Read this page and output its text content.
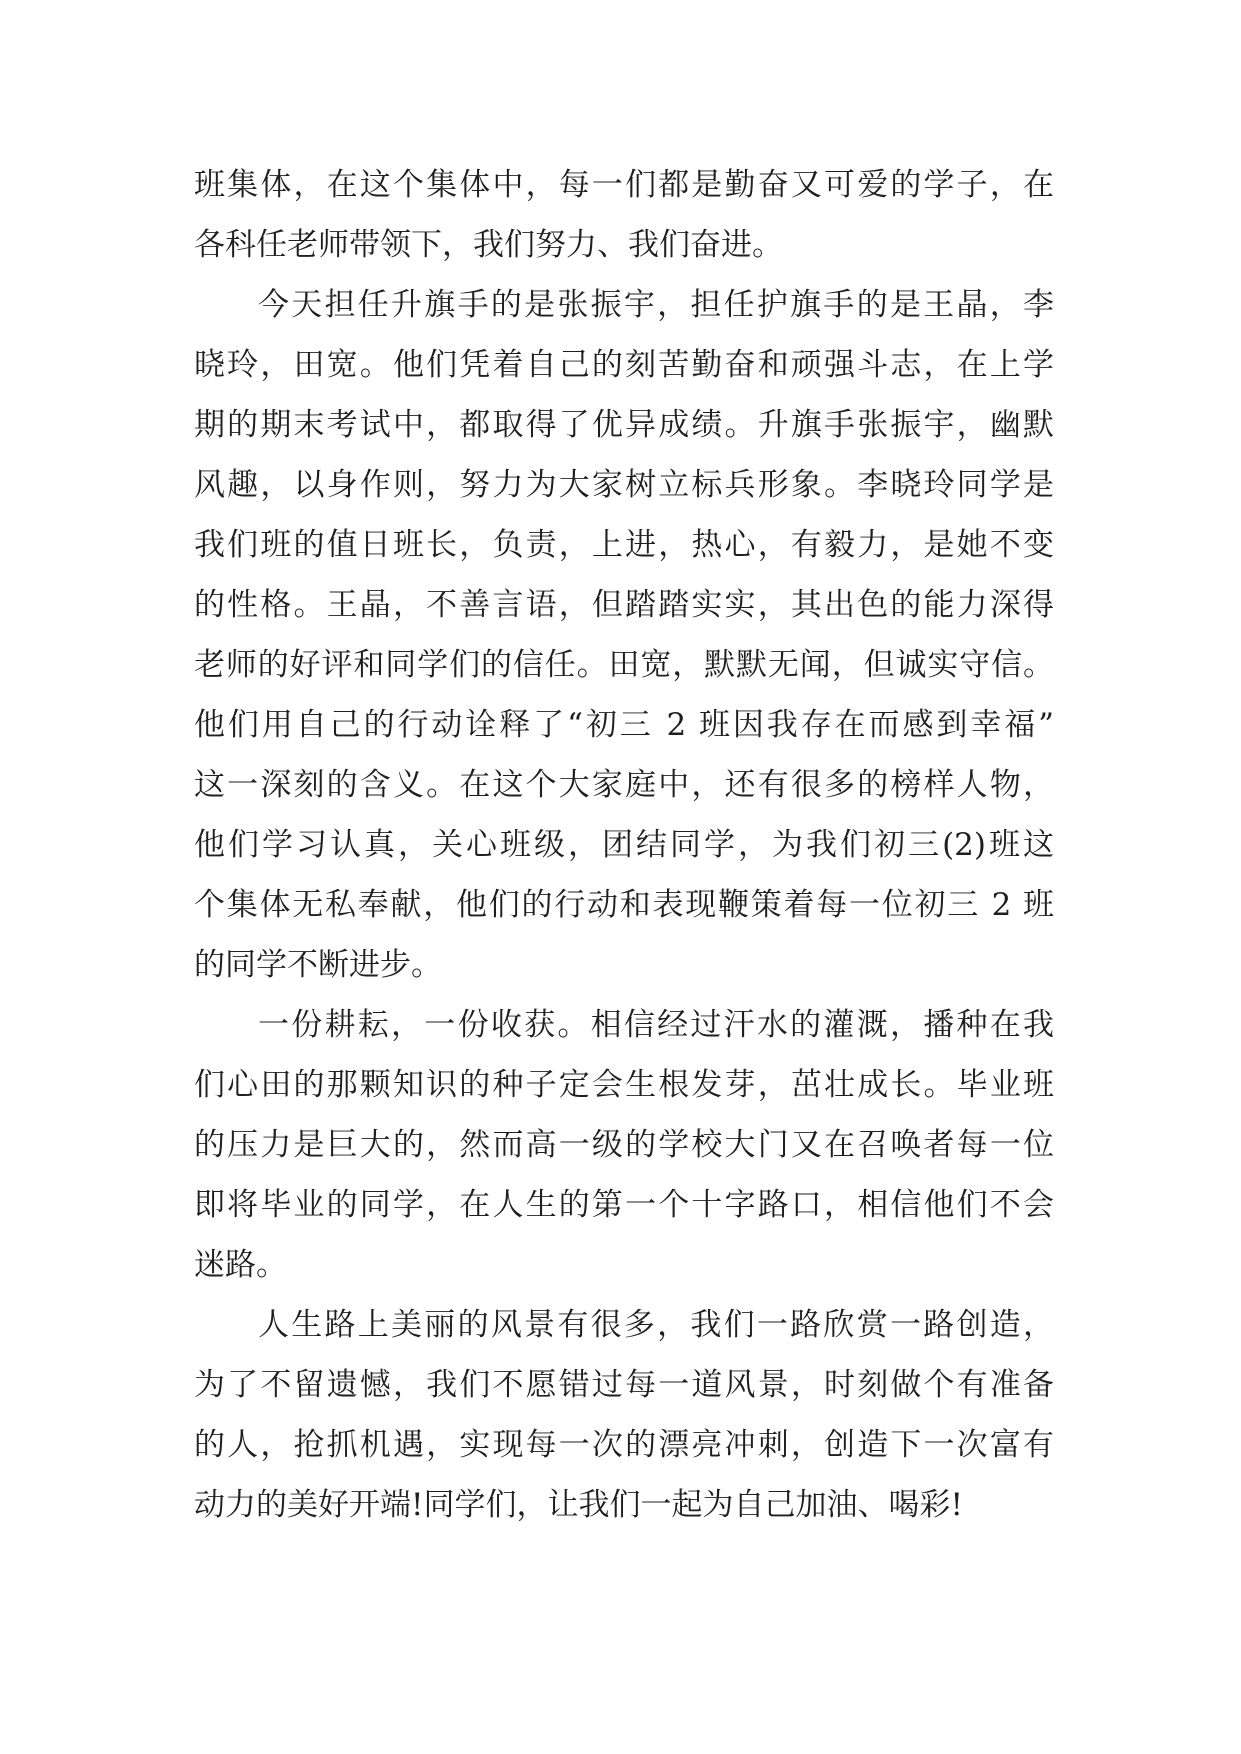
班集体，在这个集体中，每一们都是勤奋又可爱的学子，在
各科任老师带领下，我们努力、我们奋进。
今天担任升旗手的是张振宇，担任护旗手的是王晶，李
晓玲，田宽。他们凭着自己的刻苦勤奋和顽强斗志，在上学
期的期末考试中，都取得了优异成绩。升旗手张振宇，幽默
风趣，以身作则，努力为大家树立标兵形象。李晓玲同学是
我们班的值日班长，负责，上进，热心，有毅力，是她不变
的性格。王晶，不善言语，但踏踏实实，其出色的能力深得
老师的好评和同学们的信任。田宽，默默无闻，但诚实守信。
他们用自己的行动诠释了“初三 2 班因我存在而感到幸福”
这一深刻的含义。在这个大家庭中，还有很多的榜样人物，
他们学习认真，关心班级，团结同学，为我们初三(2)班这
个集体无私奉献，他们的行动和表现鞭策着每一位初三 2 班
的同学不断进步。
一份耕耘，一份收获。相信经过汗水的灌溉，播种在我
们心田的那颗知识的种子定会生根发芽，茁壮成长。毕业班
的压力是巨大的，然而高一级的学校大门又在召唤者每一位
即将毕业的同学，在人生的第一个十字路口，相信他们不会
迷路。
人生路上美丽的风景有很多，我们一路欣赏一路创造，
为了不留遗憾，我们不愿错过每一道风景，时刻做个有准备
的人，抢抓机遇，实现每一次的漂亮冲刺，创造下一次富有
动力的美好开端!同学们，让我们一起为自己加油、喝彩!
